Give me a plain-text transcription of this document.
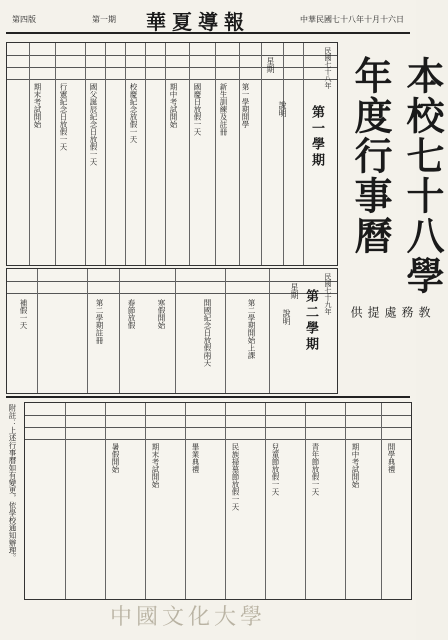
第四版	第一期 華夏導報	中華民國七十八年十月十六日
本校七十八學年度行事曆
教務處提供
民國七十八年
第一學期
說明
星期
第一學期開學
新生訓練及註冊
國慶日放假一天
期中考試開始
校慶紀念放假一天
國父誕辰紀念日放假一天
行憲紀念日放假一天
期末考試開始
民國七十九年
第二學期
說明
星期
第二學期開始上課
開國紀念日放假兩天
寒假開始
春節放假
第二學期註冊
補假一天
開學典禮
期中考試開始
青年節放假一天
兒童節放假一天
民族掃墓節放假一天
畢業典禮
期末考試開始
暑假開始
附註：上述行事曆如有變更，依學校通知辦理。
中國文化大學
